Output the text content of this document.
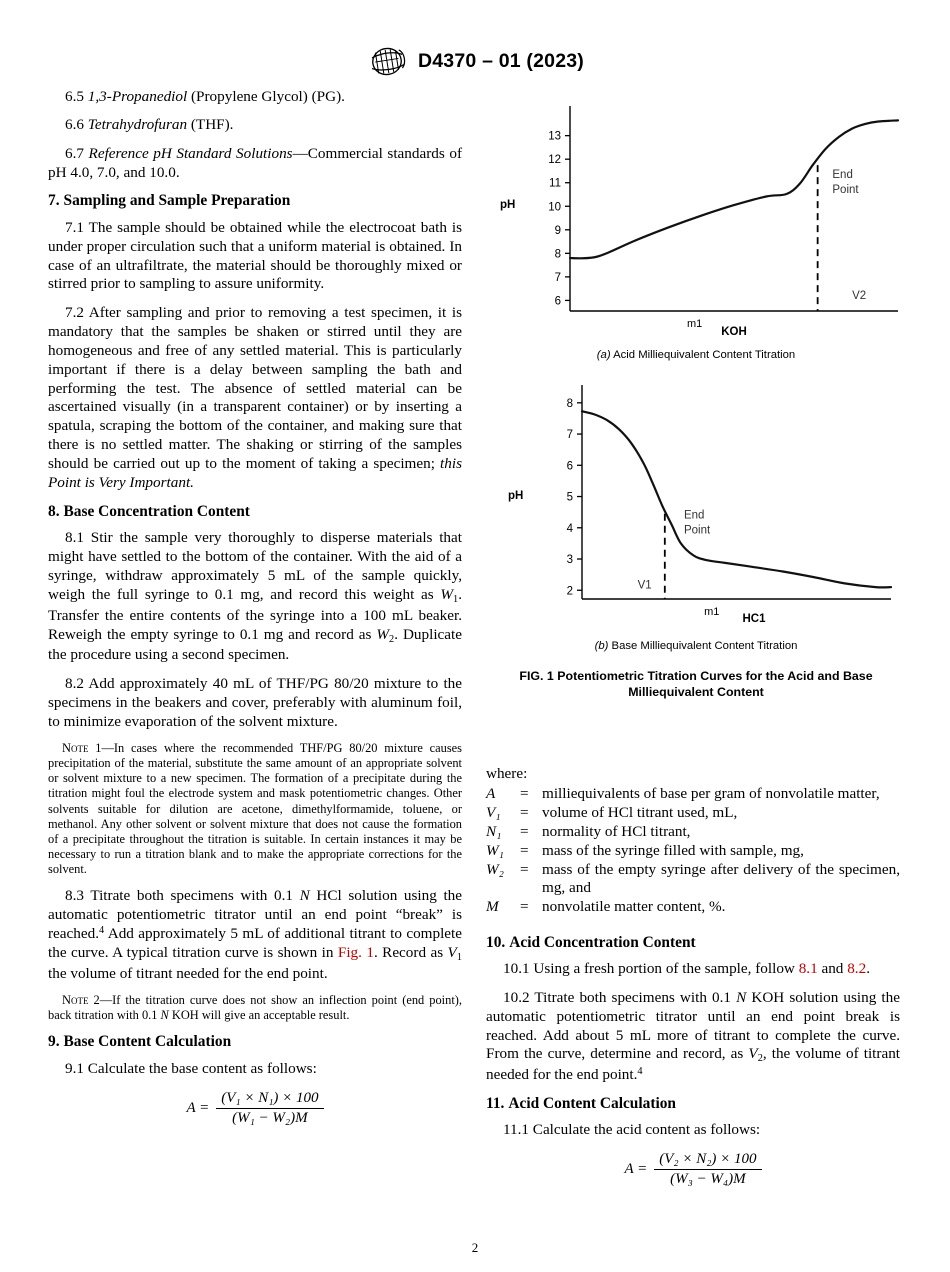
D4370 – 01 (2023)

6.5 1,3-Propanediol (Propylene Glycol) (PG).

6.6 Tetrahydrofuran (THF).

6.7 Reference pH Standard Solutions—Commercial standards of pH 4.0, 7.0, and 10.0.

7. Sampling and Sample Preparation

7.1 The sample should be obtained while the electrocoat bath is under proper circulation such that a uniform material is obtained. In case of an ultrafiltrate, the material should be thoroughly mixed or stirred prior to sampling to assure uniformity.

7.2 After sampling and prior to removing a test specimen, it is mandatory that the samples be shaken or stirred until they are homogeneous and free of any settled material. This is particularly important if there is a delay between sampling the bath and performing the test. The absence of settled material can be ascertained visually (in a transparent container) or by inserting a spatula, scraping the bottom of the container, and making sure that there is no settled matter. The shaking or stirring of the samples should be carried out up to the moment of taking a specimen; this Point is Very Important.

8. Base Concentration Content

8.1 Stir the sample very thoroughly to disperse materials that might have settled to the bottom of the container. With the aid of a syringe, withdraw approximately 5 mL of the sample quickly, weigh the full syringe to 0.1 mg, and record this weight as $W_1$. Transfer the entire contents of the syringe into a 100 mL beaker. Reweigh the empty syringe to 0.1 mg and record as $W_2$. Duplicate the procedure using a second specimen.

8.2 Add approximately 40 mL of THF/PG 80/20 mixture to the specimens in the beakers and cover, preferably with aluminum foil, to minimize evaporation of the solvent mixture.

Note 1—In cases where the recommended THF/PG 80/20 mixture causes precipitation of the material, substitute the same amount of an appropriate solvent or solvent mixture to a new specimen. The formation of a precipitate during the titration might foul the electrode system and mask potentiometric changes. Other solvents suitable for dilution are acetone, dimethylformamide, toluene, or methanol. Any other solvent or solvent mixture that does not cause the formation of a precipitate throughout the titration is suitable. In certain instances it may be necessary to run a titration blank and to make the appropriate corrections for the solvent.

8.3 Titrate both specimens with 0.1 N HCl solution using the automatic potentiometric titrator until an end point “break” is reached.$^4$ Add approximately 5 mL of additional titrant to complete the curve. A typical titration curve is shown in Fig. 1. Record as $V_1$ the volume of titrant needed for the end point.

Note 2—If the titration curve does not show an inflection point (end point), back titration with 0.1 N KOH will give an acceptable result.

9. Base Content Calculation

9.1 Calculate the base content as follows:

$A = \frac{\text{(V₁ × N₁) × 100}}{\text{(W₁ − W₂)M}}$
pH
6
7
8
9
10
11
12
13
End
Point
V2
m1
KOH
(a) Acid Milliequivalent Content Titration
pH
2
3
4
5
6
7
8
End
Point
V1
m1
HC1
(b) Base Milliequivalent Content Titration
FIG. 1 Potentiometric Titration Curves for the Acid and Base Milliequivalent Content
where:
A	=	milliequivalents of base per gram of nonvolatile matter,
V₁	=	volume of HCl titrant used, mL,
N₁	=	normality of HCl titrant,
W₁	=	mass of the syringe filled with sample, mg,
W₂	=	mass of the empty syringe after delivery of the specimen, mg, and
M	=	nonvolatile matter content, %.
10. Acid Concentration Content

10.1 Using a fresh portion of the sample, follow 8.1 and 8.2.

10.2 Titrate both specimens with 0.1 N KOH solution using the automatic potentiometric titrator until an end point break is reached. Add about 5 mL more of titrant to complete the curve. From the curve, determine and record, as $V_2$, the volume of titrant needed for the end point.$^4$

11. Acid Content Calculation

11.1 Calculate the acid content as follows:

$A = \frac{\text{(V₂ × N₂) × 100}}{\text{(W₃ − W₄)M}}$
2
